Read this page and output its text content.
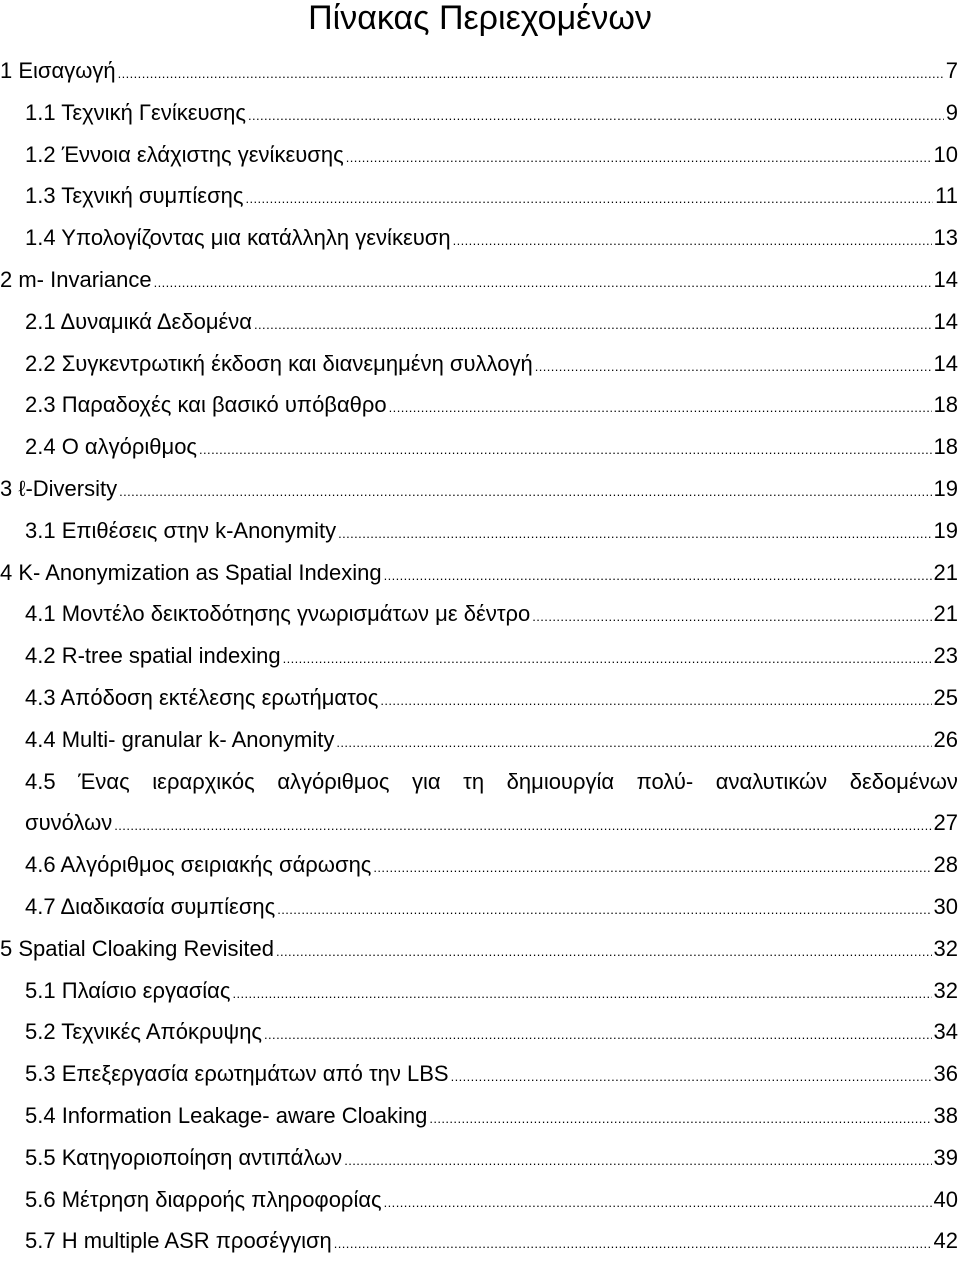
Πίνακας Περιεχομένων
1 Εισαγωγή .....	7
1.1 Τεχνική Γενίκευσης .....	9
1.2 Έννοια ελάχιστης γενίκευσης .....	10
1.3 Τεχνική συμπίεσης .....	11
1.4 Υπολογίζοντας μια κατάλληλη γενίκευση .....	13
2 m- Invariance .....	14
2.1 Δυναμικά Δεδομένα .....	14
2.2 Συγκεντρωτική έκδοση και διανεμημένη συλλογή .....	14
2.3 Παραδοχές και βασικό υπόβαθρο .....	18
2.4 Ο αλγόριθμος .....	18
3 ℓ-Diversity .....	19
3.1 Επιθέσεις στην k-Anonymity .....	19
4 K- Anonymization as Spatial Indexing .....	21
4.1 Μοντέλο δεικτοδότησης γνωρισμάτων με δέντρο .....	21
4.2 R-tree spatial indexing .....	23
4.3 Απόδοση εκτέλεσης ερωτήματος .....	25
4.4 Multi- granular k- Anonymity .....	26
4.5 Ένας ιεραρχικός αλγόριθμος για τη δημιουργία πολύ- αναλυτικών δεδομένων
συνόλων .....	27
4.6 Αλγόριθμος σειριακής σάρωσης .....	28
4.7 Διαδικασία συμπίεσης .....	30
5 Spatial Cloaking Revisited .....	32
5.1 Πλαίσιο εργασίας .....	32
5.2 Τεχνικές Απόκρυψης .....	34
5.3 Επεξεργασία ερωτημάτων από την LBS .....	36
5.4 Information Leakage- aware Cloaking .....	38
5.5 Κατηγοριοποίηση αντιπάλων .....	39
5.6 Μέτρηση διαρροής πληροφορίας .....	40
5.7 H multiple ASR προσέγγιση .....	42
